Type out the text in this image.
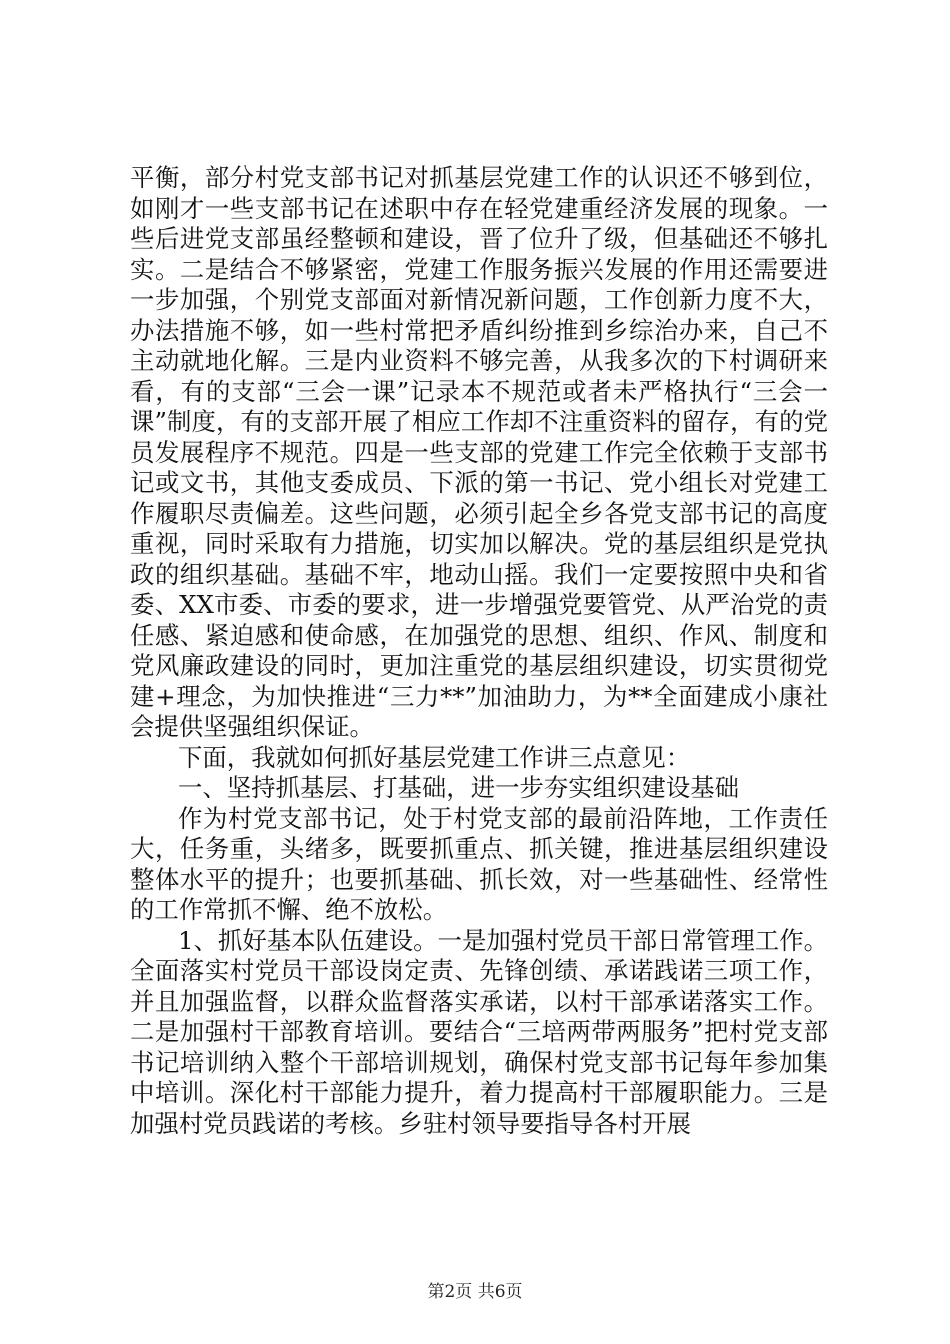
平衡，部分村党支部书记对抓基层党建工作的认识还不够到位，如刚才一些支部书记在述职中存在轻党建重经济发展的现象。一些后进党支部虽经整顿和建设，晋了位升了级，但基础还不够扎实。二是结合不够紧密，党建工作服务振兴发展的作用还需要进一步加强，个别党支部面对新情况新问题，工作创新力度不大，办法措施不够，如一些村常把矛盾纠纷推到乡综治办来，自己不主动就地化解。三是内业资料不够完善，从我多次的下村调研来看，有的支部“三会一课”记录本不规范或者未严格执行“三会一课”制度，有的支部开展了相应工作却不注重资料的留存，有的党员发展程序不规范。四是一些支部的党建工作完全依赖于支部书记或文书，其他支委成员、下派的第一书记、党小组长对党建工作履职尽责偏差。这些问题，必须引起全乡各党支部书记的高度重视，同时采取有力措施，切实加以解决。党的基层组织是党执政的组织基础。基础不牢，地动山摇。我们一定要按照中央和省委、XX市委、市委的要求，进一步增强党要管党、从严治党的责任感、紧迫感和使命感，在加强党的思想、组织、作风、制度和党风廉政建设的同时，更加注重党的基层组织建设，切实贯彻党建+理念，为加快推进“三力**”加油助力，为**全面建成小康社会提供坚强组织保证。

下面，我就如何抓好基层党建工作讲三点意见：

一、坚持抓基层、打基础，进一步夯实组织建设基础

作为村党支部书记，处于村党支部的最前沿阵地，工作责任大，任务重，头绪多，既要抓重点、抓关键，推进基层组织建设整体水平的提升；也要抓基础、抓长效，对一些基础性、经常性的工作常抓不懈、绝不放松。

1、抓好基本队伍建设。一是加强村党员干部日常管理工作。全面落实村党员干部设岗定责、先锋创绩、承诺践诺三项工作，并且加强监督，以群众监督落实承诺，以村干部承诺落实工作。二是加强村干部教育培训。要结合“三培两带两服务”把村党支部书记培训纳入整个干部培训规划，确保村党支部书记每年参加集中培训。深化村干部能力提升，着力提高村干部履职能力。三是加强村党员践诺的考核。乡驻村领导要指导各村开展

第2页 共6页
